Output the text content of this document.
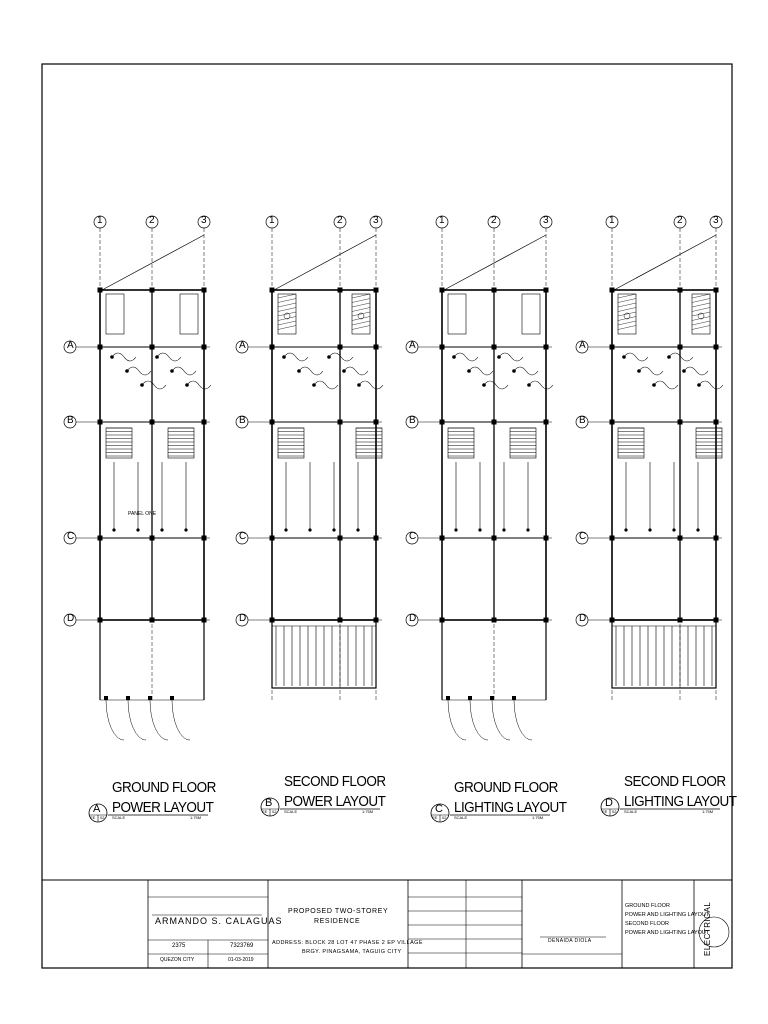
1	2	3
A
B
C
D
PANEL ONE
GROUND FLOOR
POWER LAYOUT
A
EE 02 SCALE	1:75M
1	2	3
A
B
C
D
SECOND FLOOR
POWER LAYOUT
B
EE 02 SCALE	1:75M
1	2	3
A
B
C
D
GROUND FLOOR
LIGHTING LAYOUT
C
EE 02 SCALE	1:75M
1	2	3
A
B
C
D
SECOND FLOOR
LIGHTING LAYOUT
D
EE 02 SCALE	1:75M
ARMANDO S. CALAGUAS
2375	7323769
QUEZON CITY	01-03-2019
PROPOSED TWO-STOREY
RESIDENCE
ADDRESS: BLOCK 28 LOT 47 PHASE 2 EP VILLAGE
BRGY. PINAGSAMA, TAGUIG CITY
DENAIDA DIOLA
GROUND FLOOR
POWER AND LIGHTING LAYOUT
SECOND FLOOR
POWER AND LIGHTING LAYOUT
ELECTRICAL
